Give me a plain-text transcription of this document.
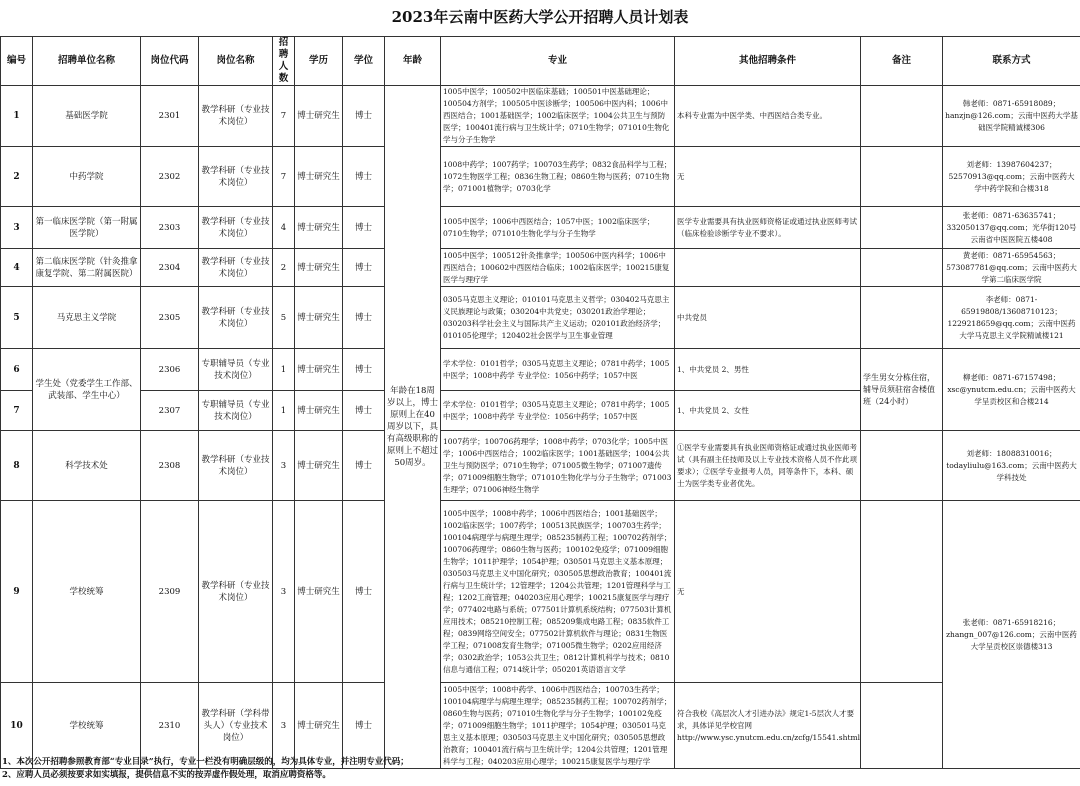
2023年云南中医药大学公开招聘人员计划表
编号	招聘单位名称	岗位代码	岗位名称	招聘人数	学历	学位	年龄	专业	其他招聘条件	备注	联系方式
1	基础医学院	2301	教学科研（专业技术岗位）	7	博士研究生	博士	年龄在18周岁以上，博士原则上在40周岁以下，具有高级职称的原则上不超过50周岁。	1005中医学；100502中医临床基础；100501中医基础理论；100504方剂学；100505中医诊断学；100506中医内科；1006中西医结合；1001基础医学；1002临床医学；1004公共卫生与预防医学；100401流行病与卫生统计学；0710生物学；071010生物化学与分子生物学	本科专业需为中医学类、中西医结合类专业。		韩老师：0871-65918089；hanzjn@126.com；云南中医药大学基础医学院精诚楼306
2	中药学院	2302	教学科研（专业技术岗位）	7	博士研究生	博士		1008中药学；1007药学；100703生药学；0832食品科学与工程；1072生物医学工程；0836生物工程；0860生物与医药；0710生物学；071001植物学；0703化学	无		刘老师：13987604237；52570913@qq.com；云南中医药大学中药学院和合楼318
3	第一临床医学院（第一附属医学院）	2303	教学科研（专业技术岗位）	4	博士研究生	博士		1005中医学；1006中西医结合；1057中医；1002临床医学；0710生物学；071010生物化学与分子生物学	医学专业需要具有执业医师资格证或通过执业医师考试（临床检验诊断学专业不要求）。		张老师：0871-63635741；332050137@qq.com；光华街120号云南省中医医院五楼408
4	第二临床医学院（针灸推拿康复学院、第二附属医院）	2304	教学科研（专业技术岗位）	2	博士研究生	博士		1005中医学；100512针灸推拿学；100506中医内科学；1006中西医结合；100602中西医结合临床；1002临床医学；100215康复医学与理疗学			黄老师：0871-65954563；573087781@qq.com；云南中医药大学第二临床医学院
5	马克思主义学院	2305	教学科研（专业技术岗位）	5	博士研究生	博士		0305马克思主义理论；010101马克思主义哲学；030402马克思主义民族理论与政策；030204中共党史；030201政治学理论；030203科学社会主义与国际共产主义运动；020101政治经济学；010105伦理学；120402社会医学与卫生事业管理	中共党员		李老师：0871-65919808/13608710123；1229218659@qq.com；云南中医药大学马克思主义学院精诚楼121
6	学生处（党委学生工作部、武装部、学生中心）	2306	专职辅导员（专业技术岗位）	1	博士研究生	博士		学术学位：0101哲学；0305马克思主义理论；0781中药学；1005中医学；1008中药学 专业学位：1056中药学；1057中医	1、中共党员 2、男性	学生男女分栋住宿，辅导员须驻宿舍楼值班（24小时）	柳老师：0871-67157498；xsc@ynutcm.edu.cn；云南中医药大学呈贡校区和合楼214
7		2307	专职辅导员（专业技术岗位）	1	博士研究生	博士		学术学位：0101哲学；0305马克思主义理论；0781中药学；1005中医学；1008中药学 专业学位：1056中药学；1057中医	1、中共党员 2、女性		
8	科学技术处	2308	教学科研（专业技术岗位）	3	博士研究生	博士		1007药学；100706药理学；1008中药学；0703化学；1005中医学；1006中西医结合；1002临床医学；1001基础医学；1004公共卫生与预防医学；0710生物学；071005微生物学；071007遗传学；071009细胞生物学；071010生物化学与分子生物学；071003生理学；071006神经生物学	①医学专业需要具有执业医师资格证或通过执业医师考试（具有副主任技师及以上专业技术资格人员不作此项要求）；②医学专业报考人员，同等条件下，本科、硕士为医学类专业者优先。		刘老师：18088310016；todayliulu@163.com；云南中医药大学科技处
9	学校统筹	2309	教学科研（专业技术岗位）	3	博士研究生	博士		1005中医学；1008中药学；1006中西医结合；1001基础医学；1002临床医学；1007药学；100513民族医学；100703生药学；100104病理学与病理生理学；085235制药工程；100702药剂学；100706药理学；0860生物与医药；100102免疫学；071009细胞生物学；1011护理学；1054护理；030501马克思主义基本原理；030503马克思主义中国化研究；030505思想政治教育；100401流行病与卫生统计学；12管理学；1204公共管理；1201管理科学与工程；1202工商管理；040203应用心理学；100215康复医学与理疗学；077402电路与系统；077501计算机系统结构；077503计算机应用技术；085210控制工程；085209集成电路工程；0835软件工程；0839网络空间安全；077502计算机软件与理论；0831生物医学工程；071008发育生物学；071005微生物学；0202应用经济学；0302政治学；1053公共卫生；0812计算机科学与技术；0810信息与通信工程；0714统计学；050201英语语言文学	无		张老师：0871-65918216；zhangn_007@126.com；云南中医药大学呈贡校区崇德楼313
10	学校统筹	2310	教学科研（学科带头人）（专业技术岗位）	3	博士研究生	博士		1005中医学；1008中药学、1006中西医结合；100703生药学；100104病理学与病理生理学；085235制药工程；100702药剂学；0860生物与医药；071010生物化学与分子生物学；100102免疫学；071009细胞生物学；1011护理学；1054护理；030501马克思主义基本原理；030503马克思主义中国化研究；030505思想政治教育；100401流行病与卫生统计学；1204公共管理；1201管理科学与工程；040203应用心理学；100215康复医学与理疗学	符合我校《高层次人才引进办法》规定1-5层次人才要求，具体详见学校官网 http://www.ysc.ynutcm.edu.cn/zcfg/15541.shtml		
1、本次公开招聘参照教育部“专业目录”执行，专业一栏没有明确层级的，均为具体专业，并注明专业代码；
2、应聘人员必须按要求如实填报，提供信息不实的按弄虚作假处理，取消应聘资格等。
